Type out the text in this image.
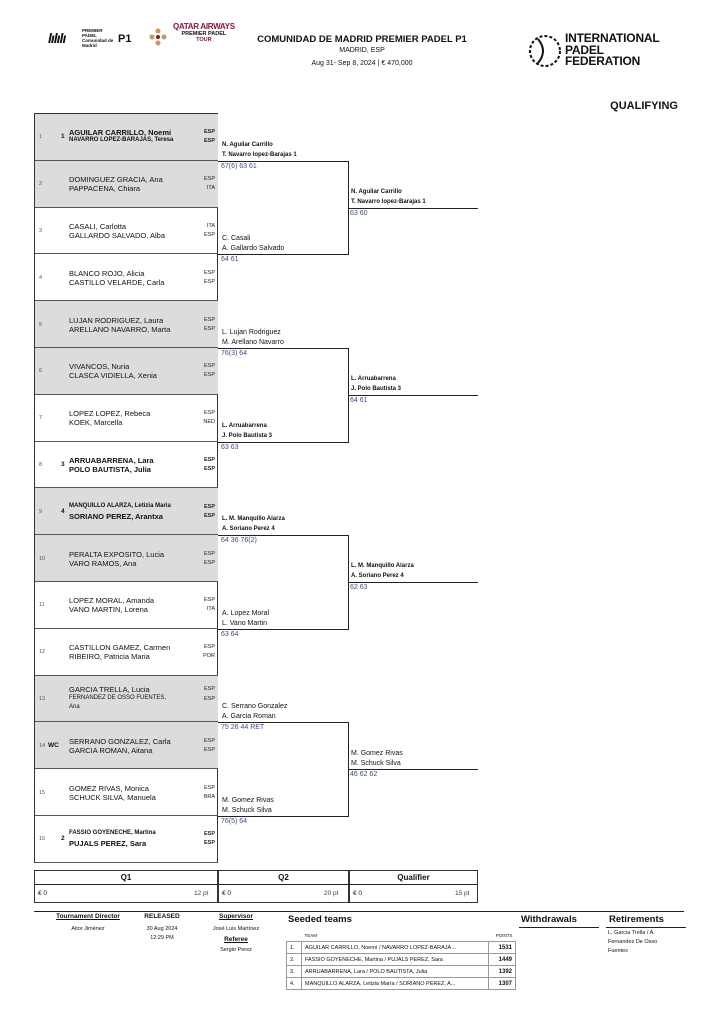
lılılı	PREMIER PADEL Comunidad de Madrid
P1
QATAR AIRWAYS
PREMIER PADEL
TOUR	COMUNIDAD DE MADRID PREMIER PADEL P1
MADRID, ESP
Aug 31- Sep 8, 2024 | € 470,000
INTERNATIONAL
PADEL
FEDERATION
QUALIFYING
1	1 AGUILAR CARRILLO, Noemi	ESP
NAVARRO LOPEZ-BARAJAS, Teresa	ESP
2	DOMINGUEZ GRACIA, Ana	ESP
PAPPACENA, Chiara	ITA
3	CASALI, Carlotta	ITA
GALLARDO SALVADO, Alba	ESP
4	BLANCO ROJO, Alicia	ESP
CASTILLO VELARDE, Carla	ESP
5	LUJAN RODRIGUEZ, Laura	ESP
ARELLANO NAVARRO, Marta	ESP
6	VIVANCOS, Nuria	ESP
CLASCA VIDIELLA, Xenia	ESP
7	LOPEZ LOPEZ, Rebeca	ESP
KOEK, Marcella	NED
8	3 ARRUABARRENA, Lara	ESP
POLO BAUTISTA, Julia	ESP
9	4
MANQUILLO ALARZA, Letizia Maria	ESP
SORIANO PEREZ, Arantxa	ESP
10	PERALTA EXPOSITO, Lucia	ESP
VARO RAMOS, Ana	ESP
11	LOPEZ MORAL, Amanda	ESP
VANO MARTIN, Lorena	ITA
12	CASTILLON GAMEZ, Carmen	ESP
RIBEIRO, Patricia Maria	POR
13
GARCIA TRELLA, Lucia	ESP
FERNANDEZ DE OSSO FUENTES,	ESP
Ana
14 WC SERRANO GONZALEZ, Carla	ESP
GARCIA ROMAN, Aitana	ESP
15	GOMEZ RIVAS, Monica	ESP
SCHUCK SILVA, Manuela	BRA
16 2
FASSIO GOYENECHE, Martina	ESP
PUJALS PEREZ, Sara	ESP
N. Aguilar Carrillo
T. Navarro lopez-Barajas 1
67(6) 63 61
C. Casali
A. Gallardo Salvado
64 61
L. Lujan Rodriguez
M. Arellano Navarro
76(3) 64
L. Arruabarrena
J. Polo Bautista 3
63 63
L. M. Manquillo Alarza
A. Soriano Perez 4
64 36 76(2)
A. Lopez Moral
L. Vano Martin
63 64
C. Serrano Gonzalez
A. Garcia Roman
75 26 44 RET
M. Gomez Rivas
M. Schuck Silva
76(5) 64
N. Aguilar Carrillo
T. Navarro lopez-Barajas 1
63 60
L. Arruabarrena
J. Polo Bautista 3
64 61
L. M. Manquillo Alarza
A. Soriano Perez 4
62 63
M. Gomez Rivas
M. Schuck Silva
46 62 62
Q1	Q2	Qualifier
€ 0	12 pt € 0	20 pt € 0	15 pt
Tournament Director
Aitor Jiménez
RELEASED
30 Aug 2024
12:29 PM
Supervisor
José Luis Martínez
Referee
Sergio Perez
Seeded teams
	TEAM	POINTS
1.	AGUILAR CARRILLO, Noemí / NAVARRO LOPEZ-BARAJA...	1531
2.	FASSIO GOYENECHE, Martina / PUJALS PEREZ, Sara	1449
3.	ARRUABARRENA, Lara / POLO BAUTISTA, Julia	1392
4.	MANQUILLO ALARZA, Letizia María / SORIANO PEREZ, A...	1307
Withdrawals	Retirements
L. Garcia Trella / A.
Fernandez De Osso
Fuentes
